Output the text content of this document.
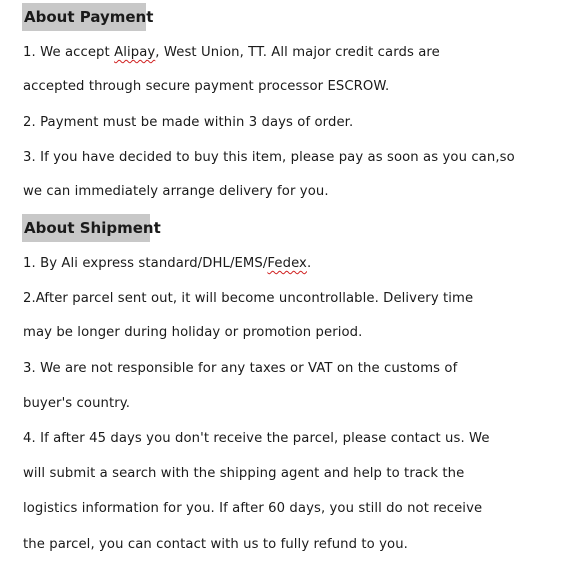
About Payment
1. We accept Alipay, West Union, TT. All major credit cards are
accepted through secure payment processor ESCROW.
2. Payment must be made within 3 days of order.
3. If you have decided to buy this item, please pay as soon as you can,so
we can immediately arrange delivery for you.
About Shipment
1. By Ali express standard/DHL/EMS/Fedex.
2.After parcel sent out, it will become uncontrollable. Delivery time
may be longer during holiday or promotion period.
3. We are not responsible for any taxes or VAT on the customs of
buyer's country.
4. If after 45 days you don't receive the parcel, please contact us. We
will submit a search with the shipping agent and help to track the
logistics information for you. If after 60 days, you still do not receive
the parcel, you can contact with us to fully refund to you.
